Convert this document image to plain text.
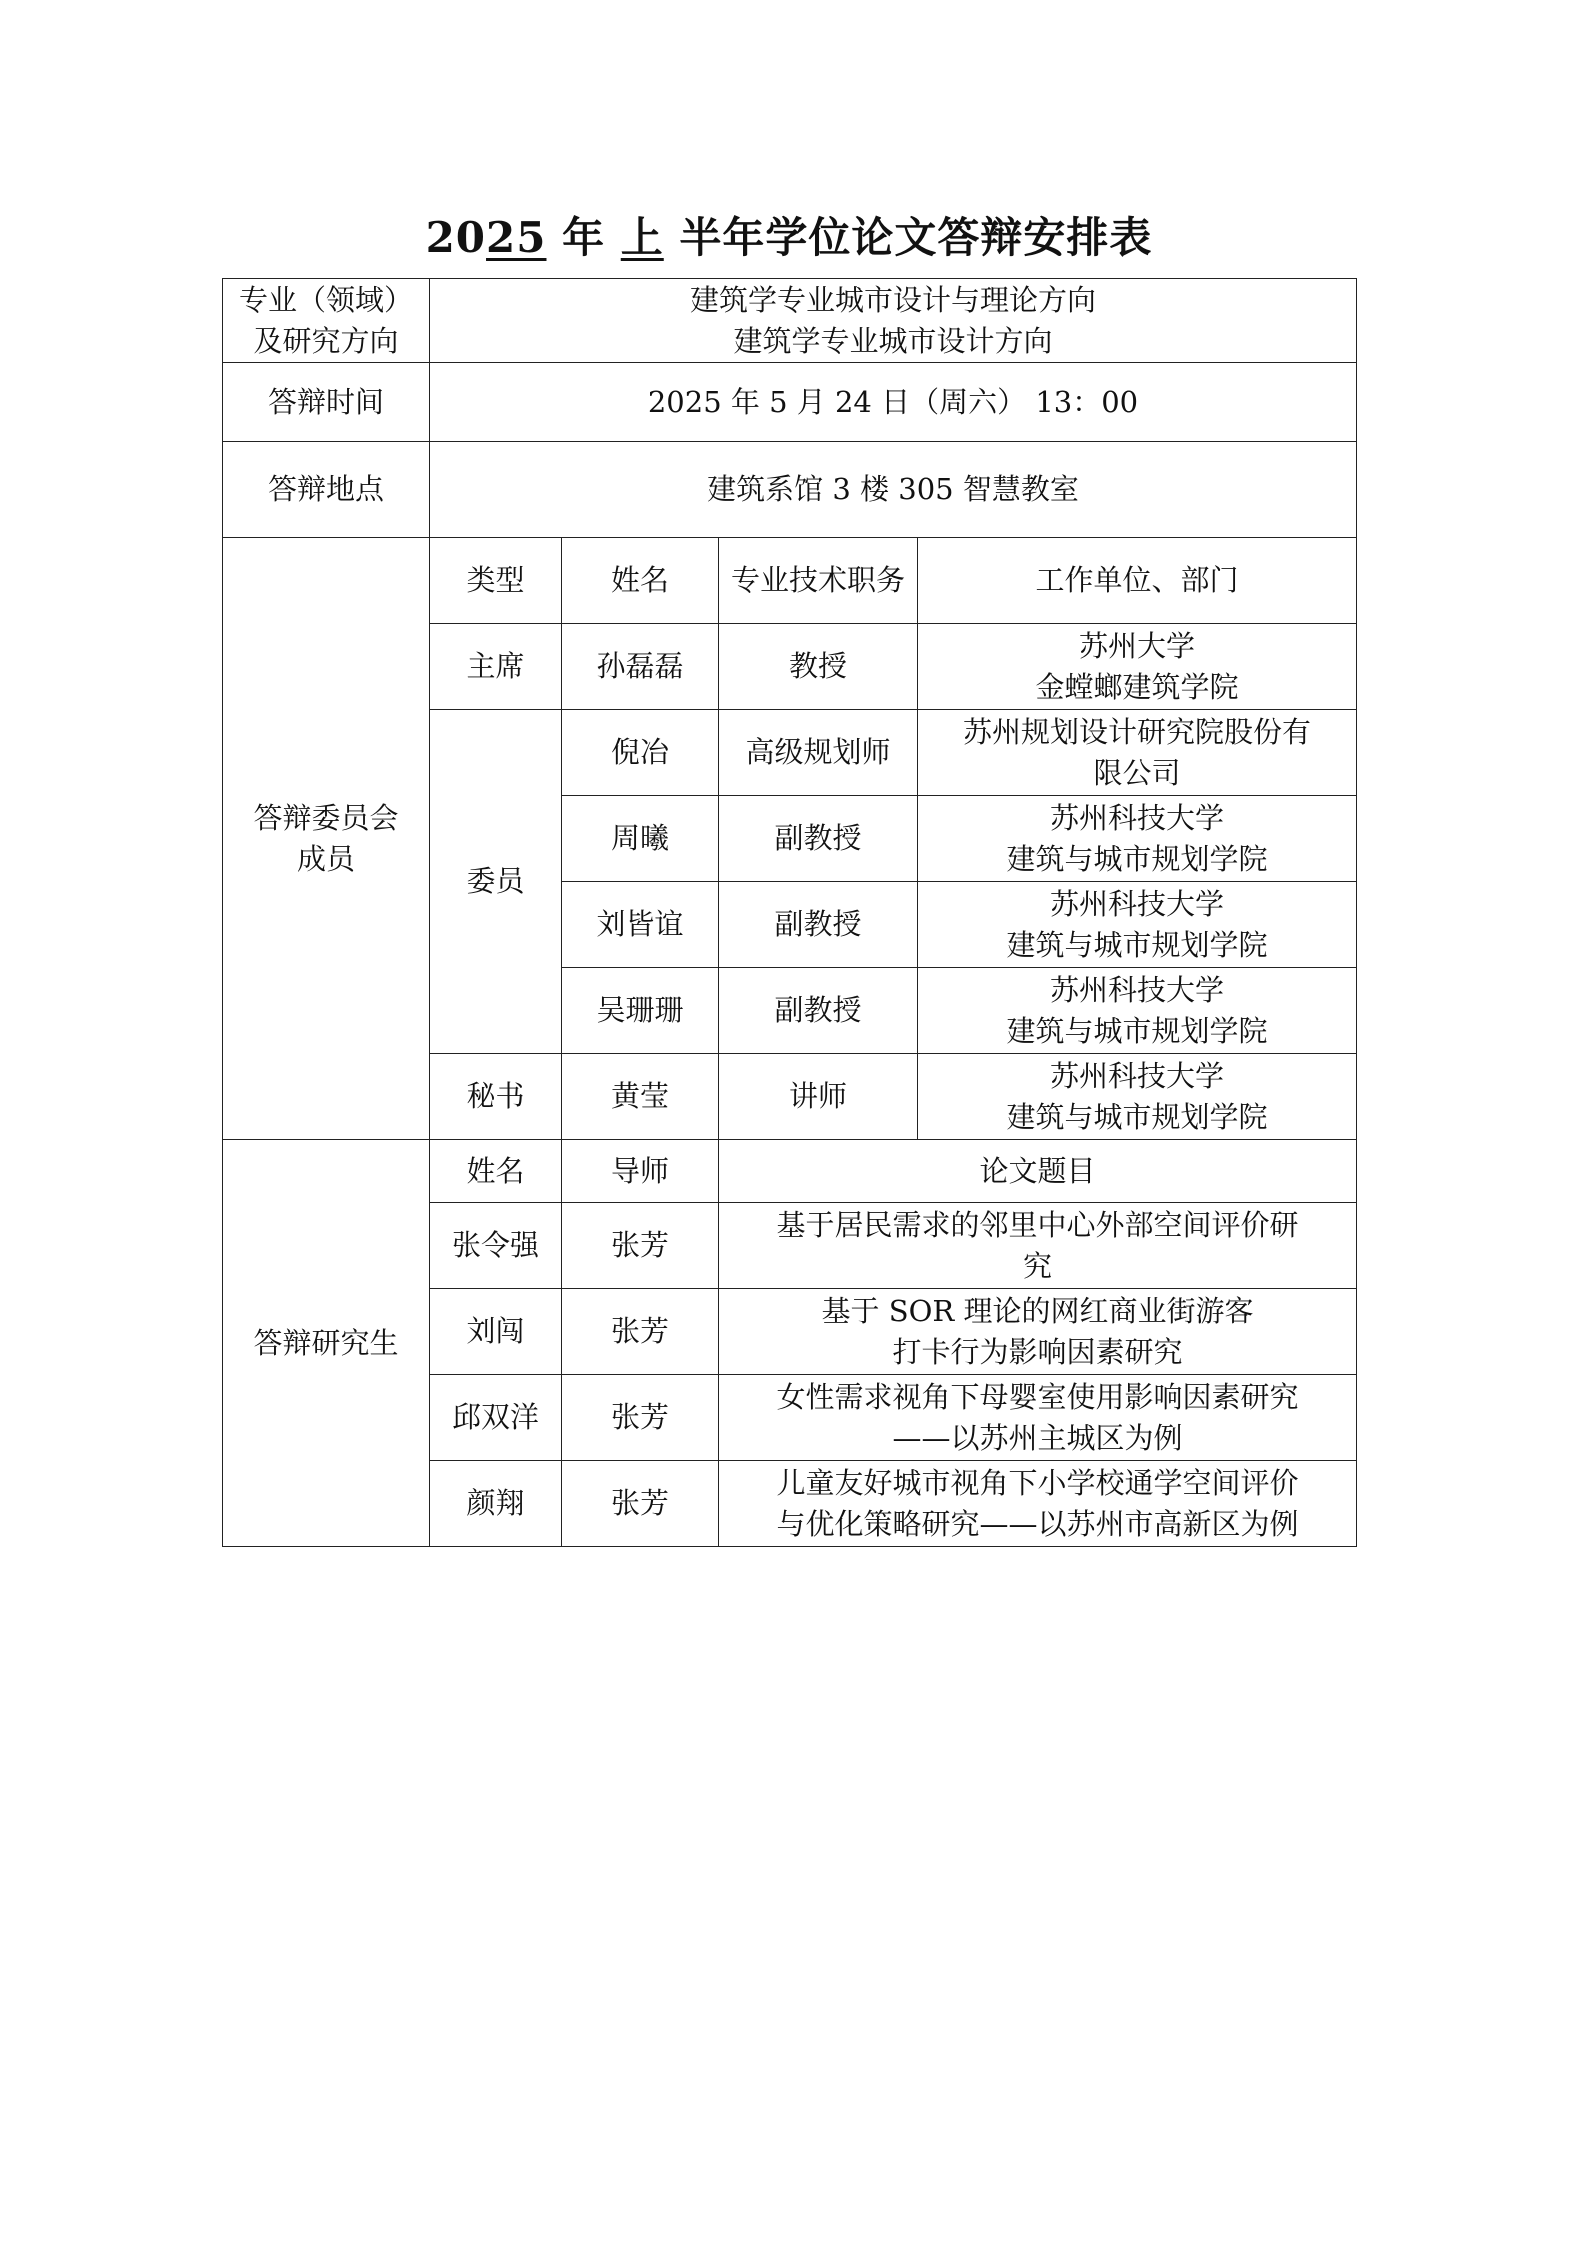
2025 年 上 半年学位论文答辩安排表
专业（领域）
及研究方向	建筑学专业城市设计与理论方向
建筑学专业城市设计方向			

答辩时间	2025 年 5 月 24 日（周六） 13：00			
答辩地点	建筑系馆 3 楼 305 智慧教室			

答辩委员会
成员	类型	姓名	专业技术职务	工作单位、部门
	主席	孙磊磊	教授	苏州大学
金螳螂建筑学院

	委员	倪冶	高级规划师	苏州规划设计研究院股份有
限公司

		周曦	副教授	苏州科技大学
建筑与城市规划学院

		刘皆谊	副教授	苏州科技大学
建筑与城市规划学院

		吴珊珊	副教授	苏州科技大学
建筑与城市规划学院

	秘书	黄莹	讲师	苏州科技大学
建筑与城市规划学院

答辩研究生	姓名	导师	论文题目	
	张令强	张芳	基于居民需求的邻里中心外部空间评价研
究	

	刘闯	张芳	基于 SOR 理论的网红商业街游客
打卡行为影响因素研究	

	邱双洋	张芳	女性需求视角下母婴室使用影响因素研究
——以苏州主城区为例	

	颜翔	张芳	儿童友好城市视角下小学校通学空间评价
与优化策略研究——以苏州市高新区为例	
